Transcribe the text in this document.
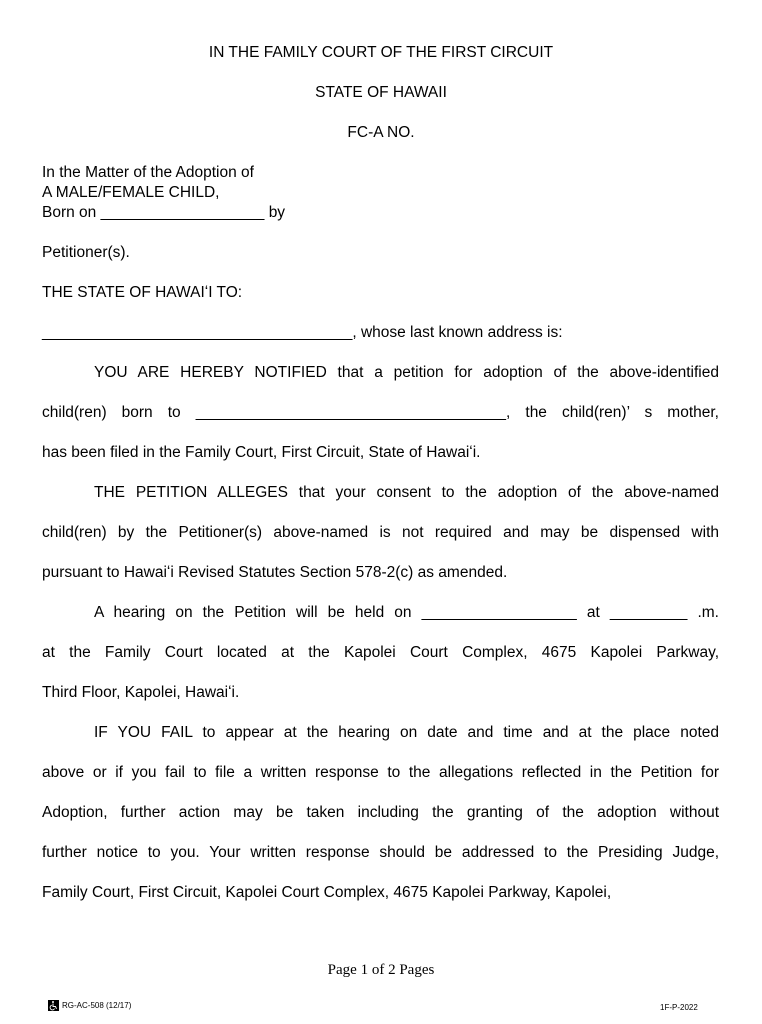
IN THE FAMILY COURT OF THE FIRST CIRCUIT
STATE OF HAWAII
FC-A NO.
In the Matter of the Adoption of
A MALE/FEMALE CHILD,
Born on ___________________ by
Petitioner(s).
THE STATE OF HAWAIʻI TO:
____________________________________, whose last known address is:
YOU ARE HEREBY NOTIFIED that a petition for adoption of the above-identified
child(ren) born to ____________________________________, the child(ren)’ s mother,
has been filed in the Family Court, First Circuit, State of Hawaiʻi.
THE PETITION ALLEGES that your consent to the adoption of the above-named
child(ren) by the Petitioner(s) above-named is not required and may be dispensed with
pursuant to Hawaiʻi Revised Statutes Section 578-2(c) as amended.
A hearing on the Petition will be held on __________________ at _________ .m.
at the Family Court located at the Kapolei Court Complex, 4675 Kapolei Parkway,
Third Floor, Kapolei, Hawaiʻi.
IF YOU FAIL to appear at the hearing on date and time and at the place noted
above or if you fail to file a written response to the allegations reflected in the Petition for
Adoption, further action may be taken including the granting of the adoption without
further notice to you. Your written response should be addressed to the Presiding Judge,
Family Court, First Circuit, Kapolei Court Complex, 4675 Kapolei Parkway, Kapolei,
Page 1 of 2 Pages
RG-AC-508 (12/17)	1F-P-2022
